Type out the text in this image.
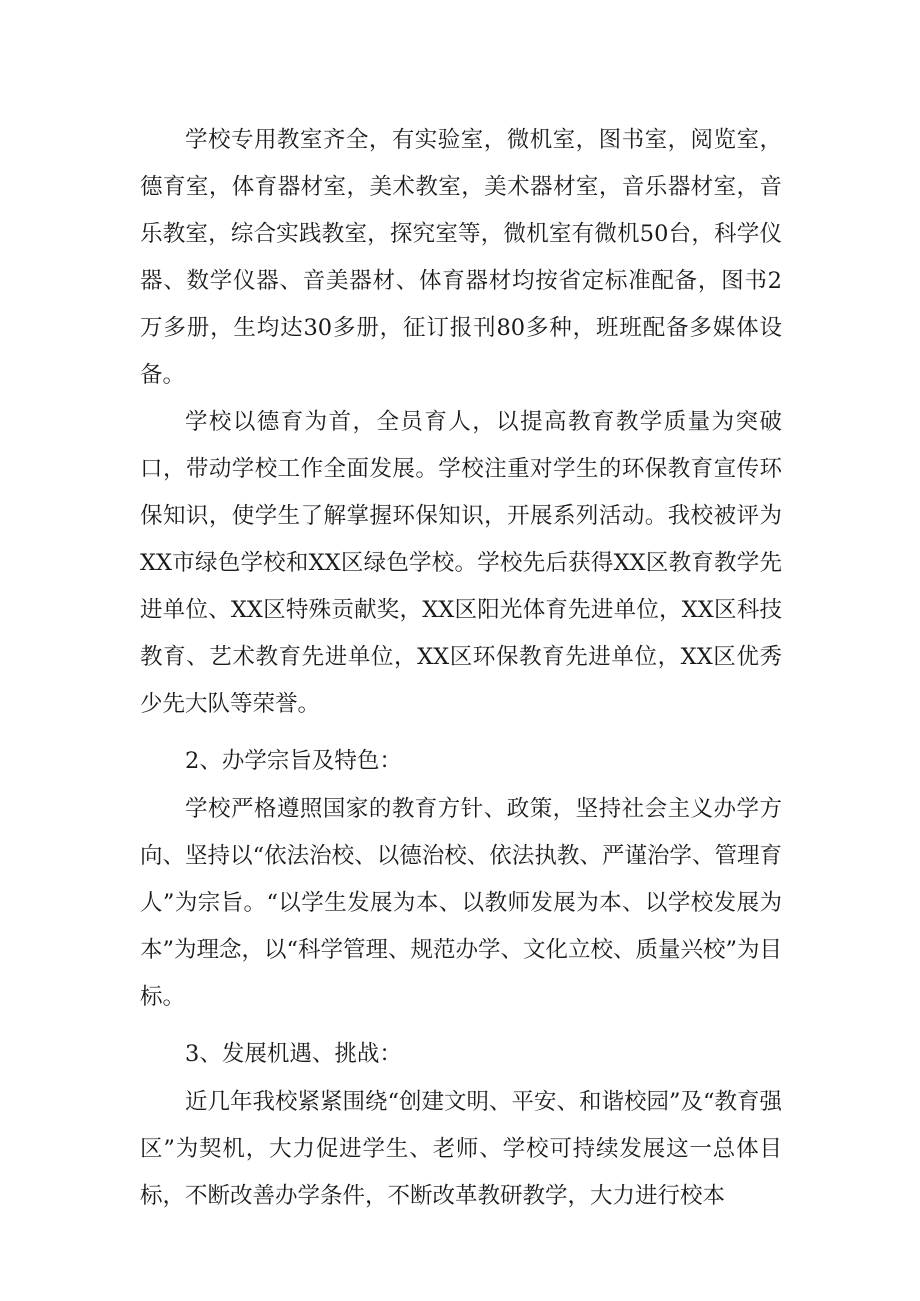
学校专用教室齐全，有实验室，微机室，图书室，阅览室，德育室，体育器材室，美术教室，美术器材室，音乐器材室，音乐教室，综合实践教室，探究室等，微机室有微机50台，科学仪器、数学仪器、音美器材、体育器材均按省定标准配备，图书2万多册，生均达30多册，征订报刊80多种，班班配备多媒体设备。

学校以德育为首，全员育人，以提高教育教学质量为突破口，带动学校工作全面发展。学校注重对学生的环保教育宣传环保知识，使学生了解掌握环保知识，开展系列活动。我校被评为XX市绿色学校和XX区绿色学校。学校先后获得XX区教育教学先进单位、XX区特殊贡献奖，XX区阳光体育先进单位，XX区科技教育、艺术教育先进单位，XX区环保教育先进单位，XX区优秀少先大队等荣誉。

2、办学宗旨及特色：

学校严格遵照国家的教育方针、政策，坚持社会主义办学方向、坚持以“依法治校、以德治校、依法执教、严谨治学、管理育人”为宗旨。“以学生发展为本、以教师发展为本、以学校发展为本”为理念，以“科学管理、规范办学、文化立校、质量兴校”为目标。

3、发展机遇、挑战：

近几年我校紧紧围绕“创建文明、平安、和谐校园”及“教育强区”为契机，大力促进学生、老师、学校可持续发展这一总体目标，不断改善办学条件，不断改革教研教学，大力进行校本
